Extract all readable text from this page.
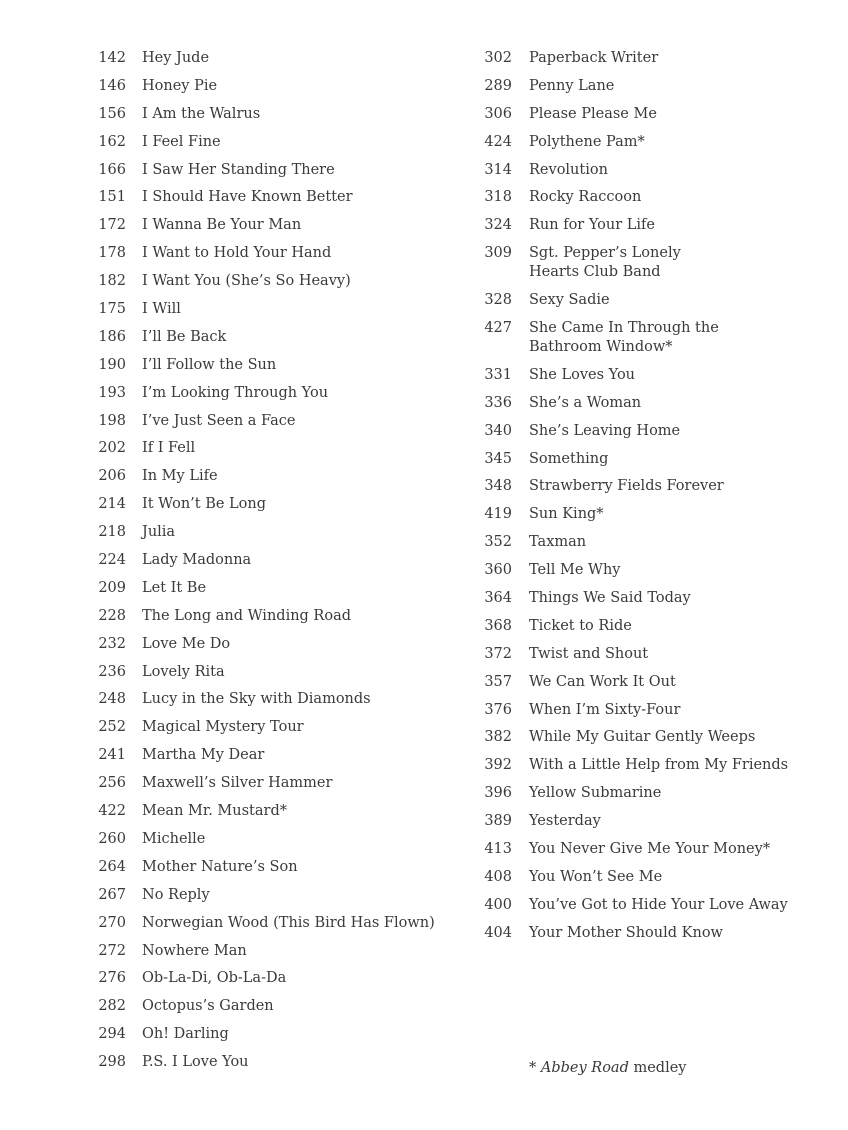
142 Hey Jude
146 Honey Pie
156 I Am the Walrus
162 I Feel Fine
166 I Saw Her Standing There
151 I Should Have Known Better
172 I Wanna Be Your Man
178 I Want to Hold Your Hand
182 I Want You (She’s So Heavy)
175 I Will
186 I’ll Be Back
190 I’ll Follow the Sun
193 I’m Looking Through You
198 I’ve Just Seen a Face
202 If I Fell
206 In My Life
214 It Won’t Be Long
218 Julia
224 Lady Madonna
209 Let It Be
228 The Long and Winding Road
232 Love Me Do
236 Lovely Rita
248 Lucy in the Sky with Diamonds
252 Magical Mystery Tour
241 Martha My Dear
256 Maxwell’s Silver Hammer
422 Mean Mr. Mustard*
260 Michelle
264 Mother Nature’s Son
267 No Reply
270 Norwegian Wood (This Bird Has Flown)
272 Nowhere Man
276 Ob-La-Di, Ob-La-Da
282 Octopus’s Garden
294 Oh! Darling
298 P.S. I Love You
302 Paperback Writer
289 Penny Lane
306 Please Please Me
424 Polythene Pam*
314 Revolution
318 Rocky Raccoon
324 Run for Your Life
309 Sgt. Pepper’s Lonely
Hearts Club Band
328 Sexy Sadie
427 She Came In Through the
Bathroom Window*
331 She Loves You
336 She’s a Woman
340 She’s Leaving Home
345 Something
348 Strawberry Fields Forever
419 Sun King*
352 Taxman
360 Tell Me Why
364 Things We Said Today
368 Ticket to Ride
372 Twist and Shout
357 We Can Work It Out
376 When I’m Sixty-Four
382 While My Guitar Gently Weeps
392 With a Little Help from My Friends
396 Yellow Submarine
389 Yesterday
413 You Never Give Me Your Money*
408 You Won’t See Me
400 You’ve Got to Hide Your Love Away
404 Your Mother Should Know
* Abbey Road medley
